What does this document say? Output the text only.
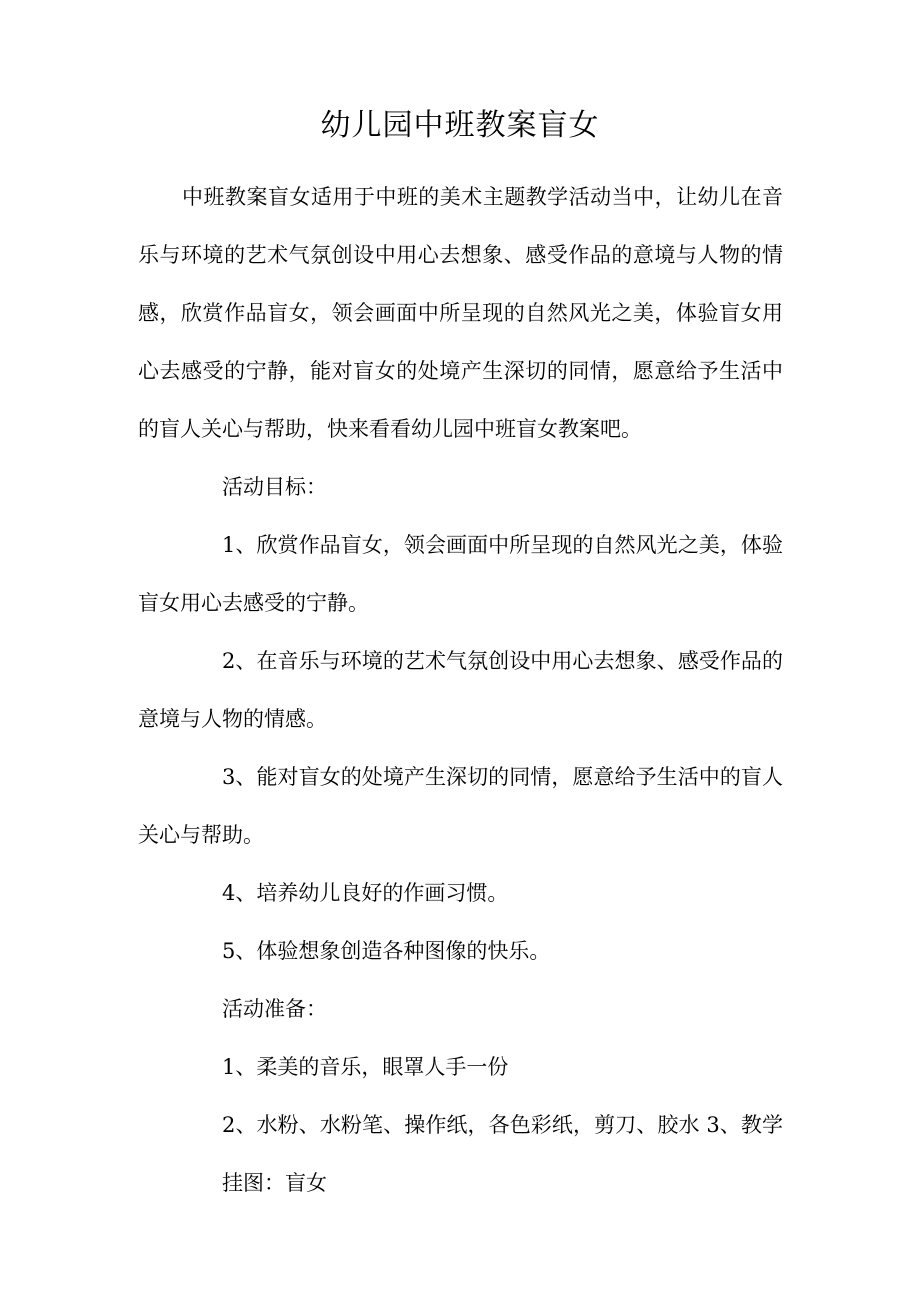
幼儿园中班教案盲女

中班教案盲女适用于中班的美术主题教学活动当中，让幼儿在音乐与环境的艺术气氛创设中用心去想象、感受作品的意境与人物的情感，欣赏作品盲女，领会画面中所呈现的自然风光之美，体验盲女用心去感受的宁静，能对盲女的处境产生深切的同情，愿意给予生活中的盲人关心与帮助，快来看看幼儿园中班盲女教案吧。

活动目标：

1、欣赏作品盲女，领会画面中所呈现的自然风光之美，体验盲女用心去感受的宁静。

2、在音乐与环境的艺术气氛创设中用心去想象、感受作品的意境与人物的情感。

3、能对盲女的处境产生深切的同情，愿意给予生活中的盲人关心与帮助。

4、培养幼儿良好的作画习惯。

5、体验想象创造各种图像的快乐。

活动准备：

1、柔美的音乐，眼罩人手一份

2、水粉、水粉笔、操作纸，各色彩纸，剪刀、胶水 3、教学挂图：盲女
